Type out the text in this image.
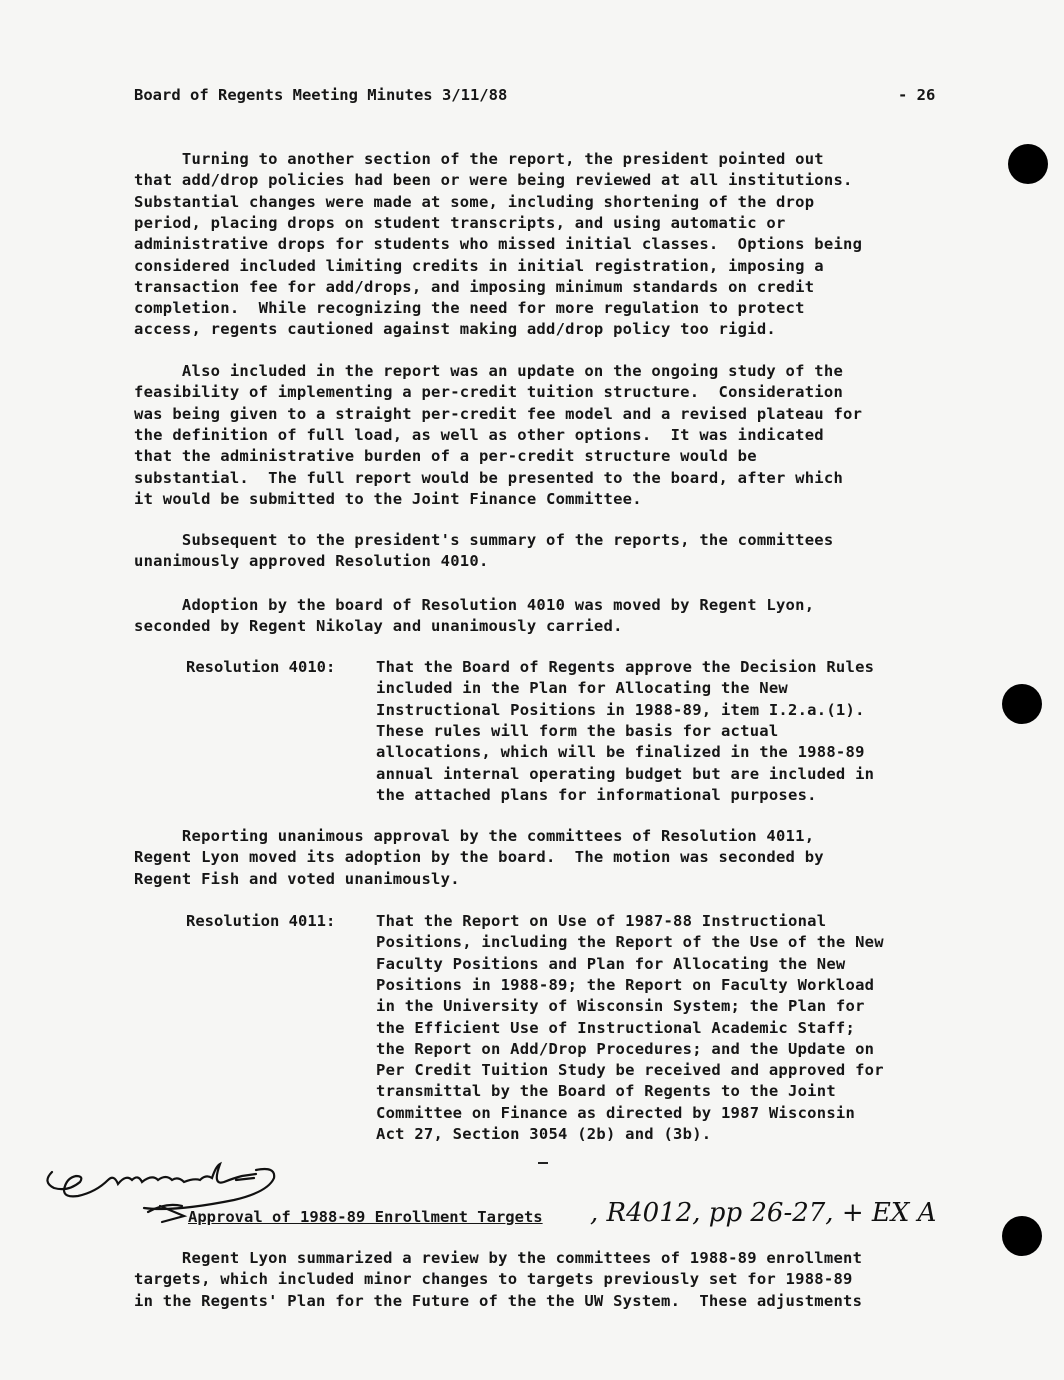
Board of Regents Meeting Minutes 3/11/88	- 26
Turning to another section of the report, the president pointed out
that add/drop policies had been or were being reviewed at all institutions.
Substantial changes were made at some, including shortening of the drop
period, placing drops on student transcripts, and using automatic or
administrative drops for students who missed initial classes.  Options being
considered included limiting credits in initial registration, imposing a
transaction fee for add/drops, and imposing minimum standards on credit
completion.  While recognizing the need for more regulation to protect
access, regents cautioned against making add/drop policy too rigid.
Also included in the report was an update on the ongoing study of the
feasibility of implementing a per-credit tuition structure.  Consideration
was being given to a straight per-credit fee model and a revised plateau for
the definition of full load, as well as other options.  It was indicated
that the administrative burden of a per-credit structure would be
substantial.  The full report would be presented to the board, after which
it would be submitted to the Joint Finance Committee.
Subsequent to the president's summary of the reports, the committees
unanimously approved Resolution 4010.
Adoption by the board of Resolution 4010 was moved by Regent Lyon,
seconded by Regent Nikolay and unanimously carried.
That the Board of Regents approve the Decision Rules
included in the Plan for Allocating the New
Instructional Positions in 1988-89, item I.2.a.(1).
These rules will form the basis for actual
allocations, which will be finalized in the 1988-89
annual internal operating budget but are included in
the attached plans for informational purposes.
Reporting unanimous approval by the committees of Resolution 4011,
Regent Lyon moved its adoption by the board.  The motion was seconded by
Regent Fish and voted unanimously.
That the Report on Use of 1987-88 Instructional
Positions, including the Report of the Use of the New
Faculty Positions and Plan for Allocating the New
Positions in 1988-89; the Report on Faculty Workload
in the University of Wisconsin System; the Plan for
the Efficient Use of Instructional Academic Staff;
the Report on Add/Drop Procedures; and the Update on
Per Credit Tuition Study be received and approved for
transmittal by the Board of Regents to the Joint
Committee on Finance as directed by 1987 Wisconsin
Act 27, Section 3054 (2b) and (3b).
Regent Lyon summarized a review by the committees of 1988-89 enrollment
targets, which included minor changes to targets previously set for 1988-89
in the Regents' Plan for the Future of the the UW System.  These adjustments
Resolution 4010:
Resolution 4011:
Approval of 1988-89 Enrollment Targets , R4012, pp 26-27, + EX A
